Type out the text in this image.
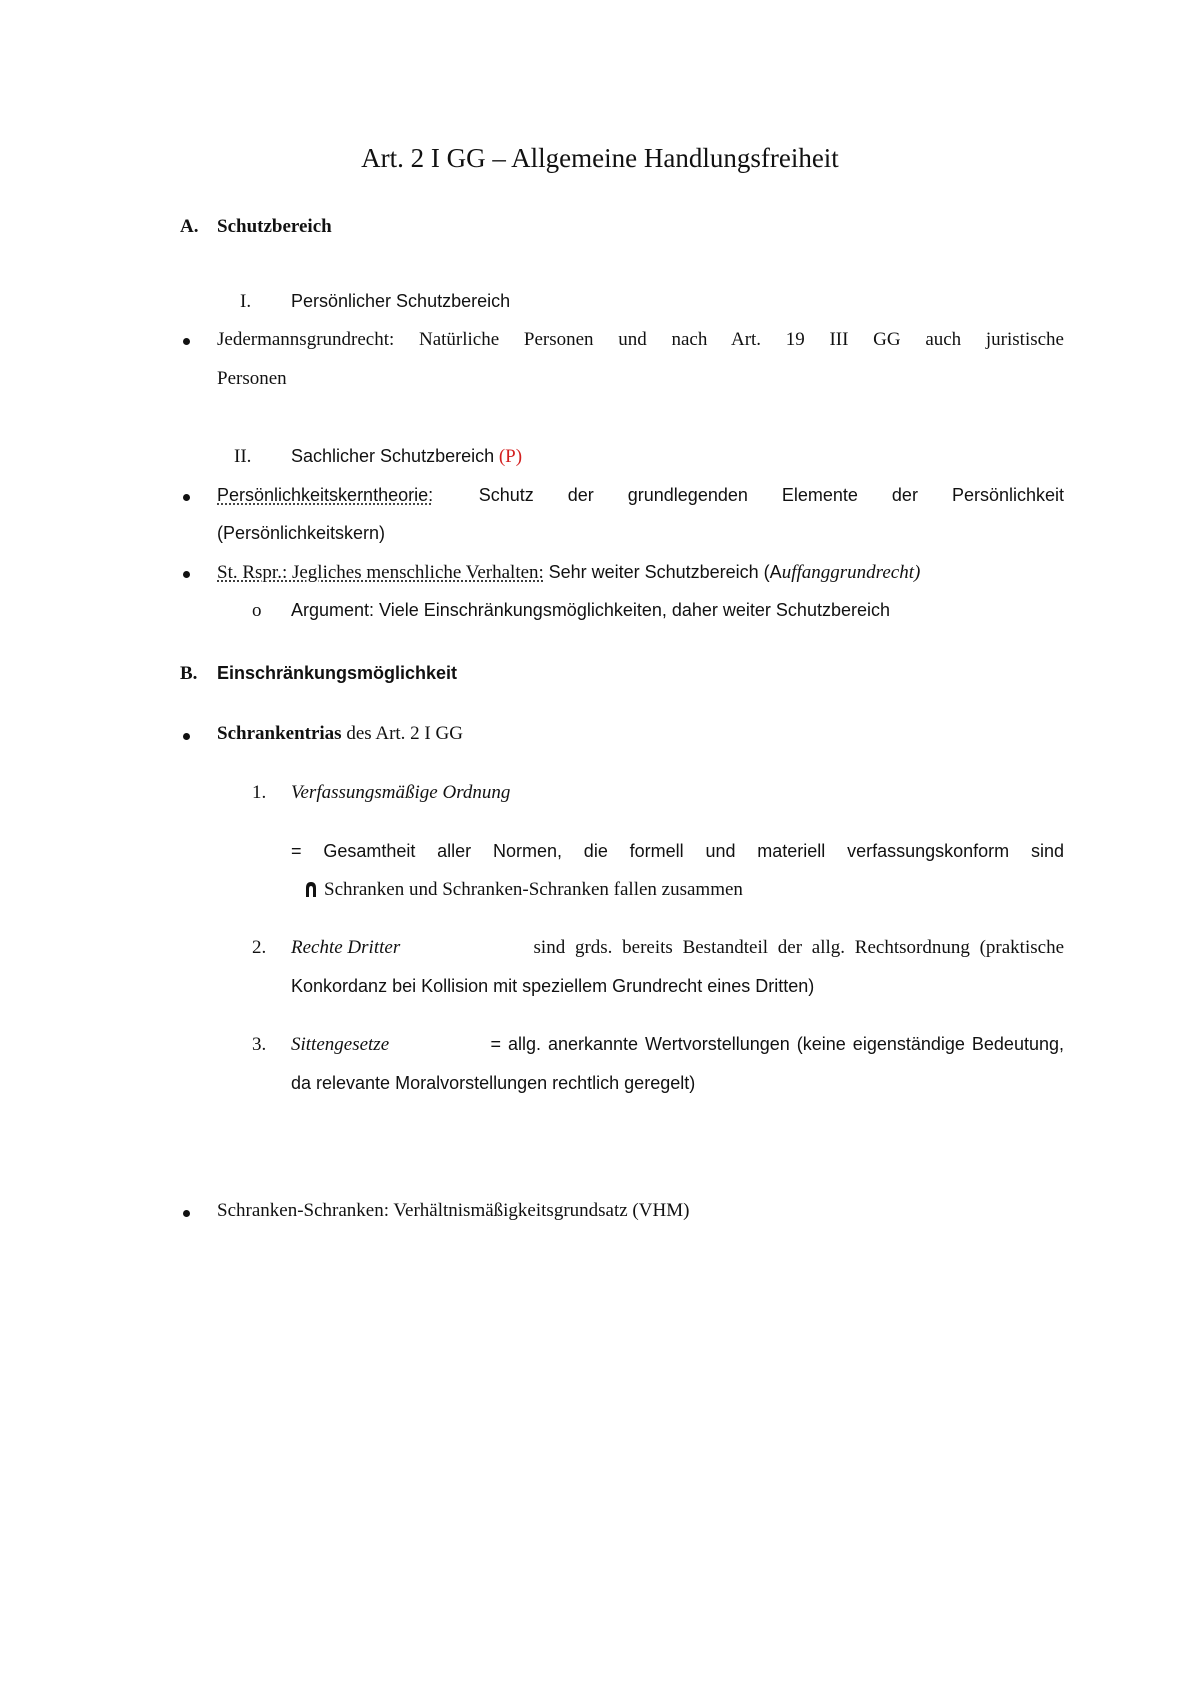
Art. 2 I GG – Allgemeine Handlungsfreiheit
A. Schutzbereich
I. Persönlicher Schutzbereich
Jedermannsgrundrecht: Natürliche Personen und nach Art. 19 III GG auch juristische
Personen
II. Sachlicher Schutzbereich (P)
Persönlichkeitskerntheorie:	Schutz der grundlegenden Elemente der Persönlichkeit
(Persönlichkeitskern)
St. Rspr.: Jegliches menschliche Verhalten: Sehr weiter Schutzbereich (Auffanggrundrecht)
o Argument: Viele Einschränkungsmöglichkeiten, daher weiter Schutzbereich
B. Einschränkungsmöglichkeit
Schrankentrias des Art. 2 I GG
1. Verfassungsmäßige Ordnung
= Gesamtheit aller Normen, die formell und materiell verfassungskonform sind
Schranken und Schranken-Schranken fallen zusammen
2. Rechte Dritter	sind grds. bereits Bestandteil der allg. Rechtsordnung (praktische
Konkordanz bei Kollision mit speziellem Grundrecht eines Dritten)
3. Sittengesetze	= allg. anerkannte Wertvorstellungen (keine eigenständige Bedeutung,
da relevante Moralvorstellungen rechtlich geregelt)
Schranken-Schranken: Verhältnismäßigkeitsgrundsatz (VHM)
